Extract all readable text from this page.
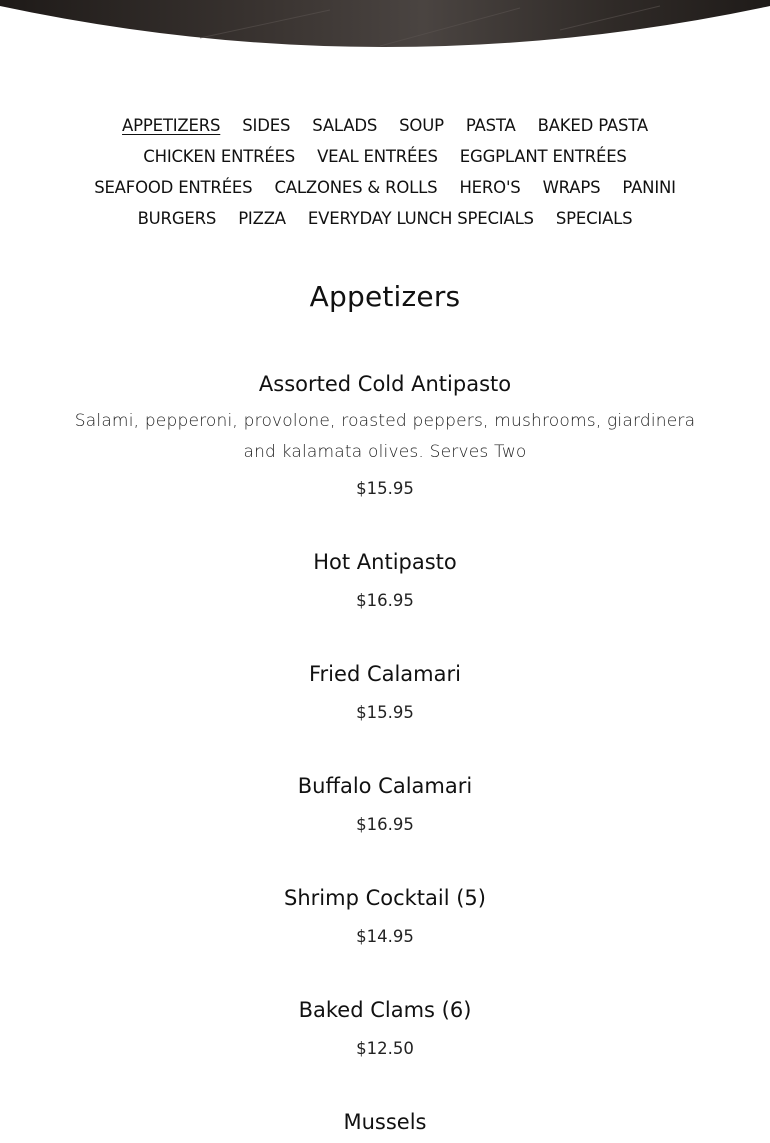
APPETIZERS SIDES SALADS SOUP PASTA BAKED PASTA
CHICKEN ENTRÉES VEAL ENTRÉES EGGPLANT ENTRÉES
SEAFOOD ENTRÉES CALZONES & ROLLS HERO'S WRAPS PANINI
BURGERS PIZZA EVERYDAY LUNCH SPECIALS SPECIALS
Appetizers
Assorted Cold Antipasto

Salami, pepperoni, provolone, roasted peppers, mushrooms, giardinera and kalamata olives. Serves Two

$15.95
Hot Antipasto
$16.95
Fried Calamari
$15.95
Buffalo Calamari
$16.95
Shrimp Cocktail (5)
$14.95
Baked Clams (6)
$12.50
Mussels
